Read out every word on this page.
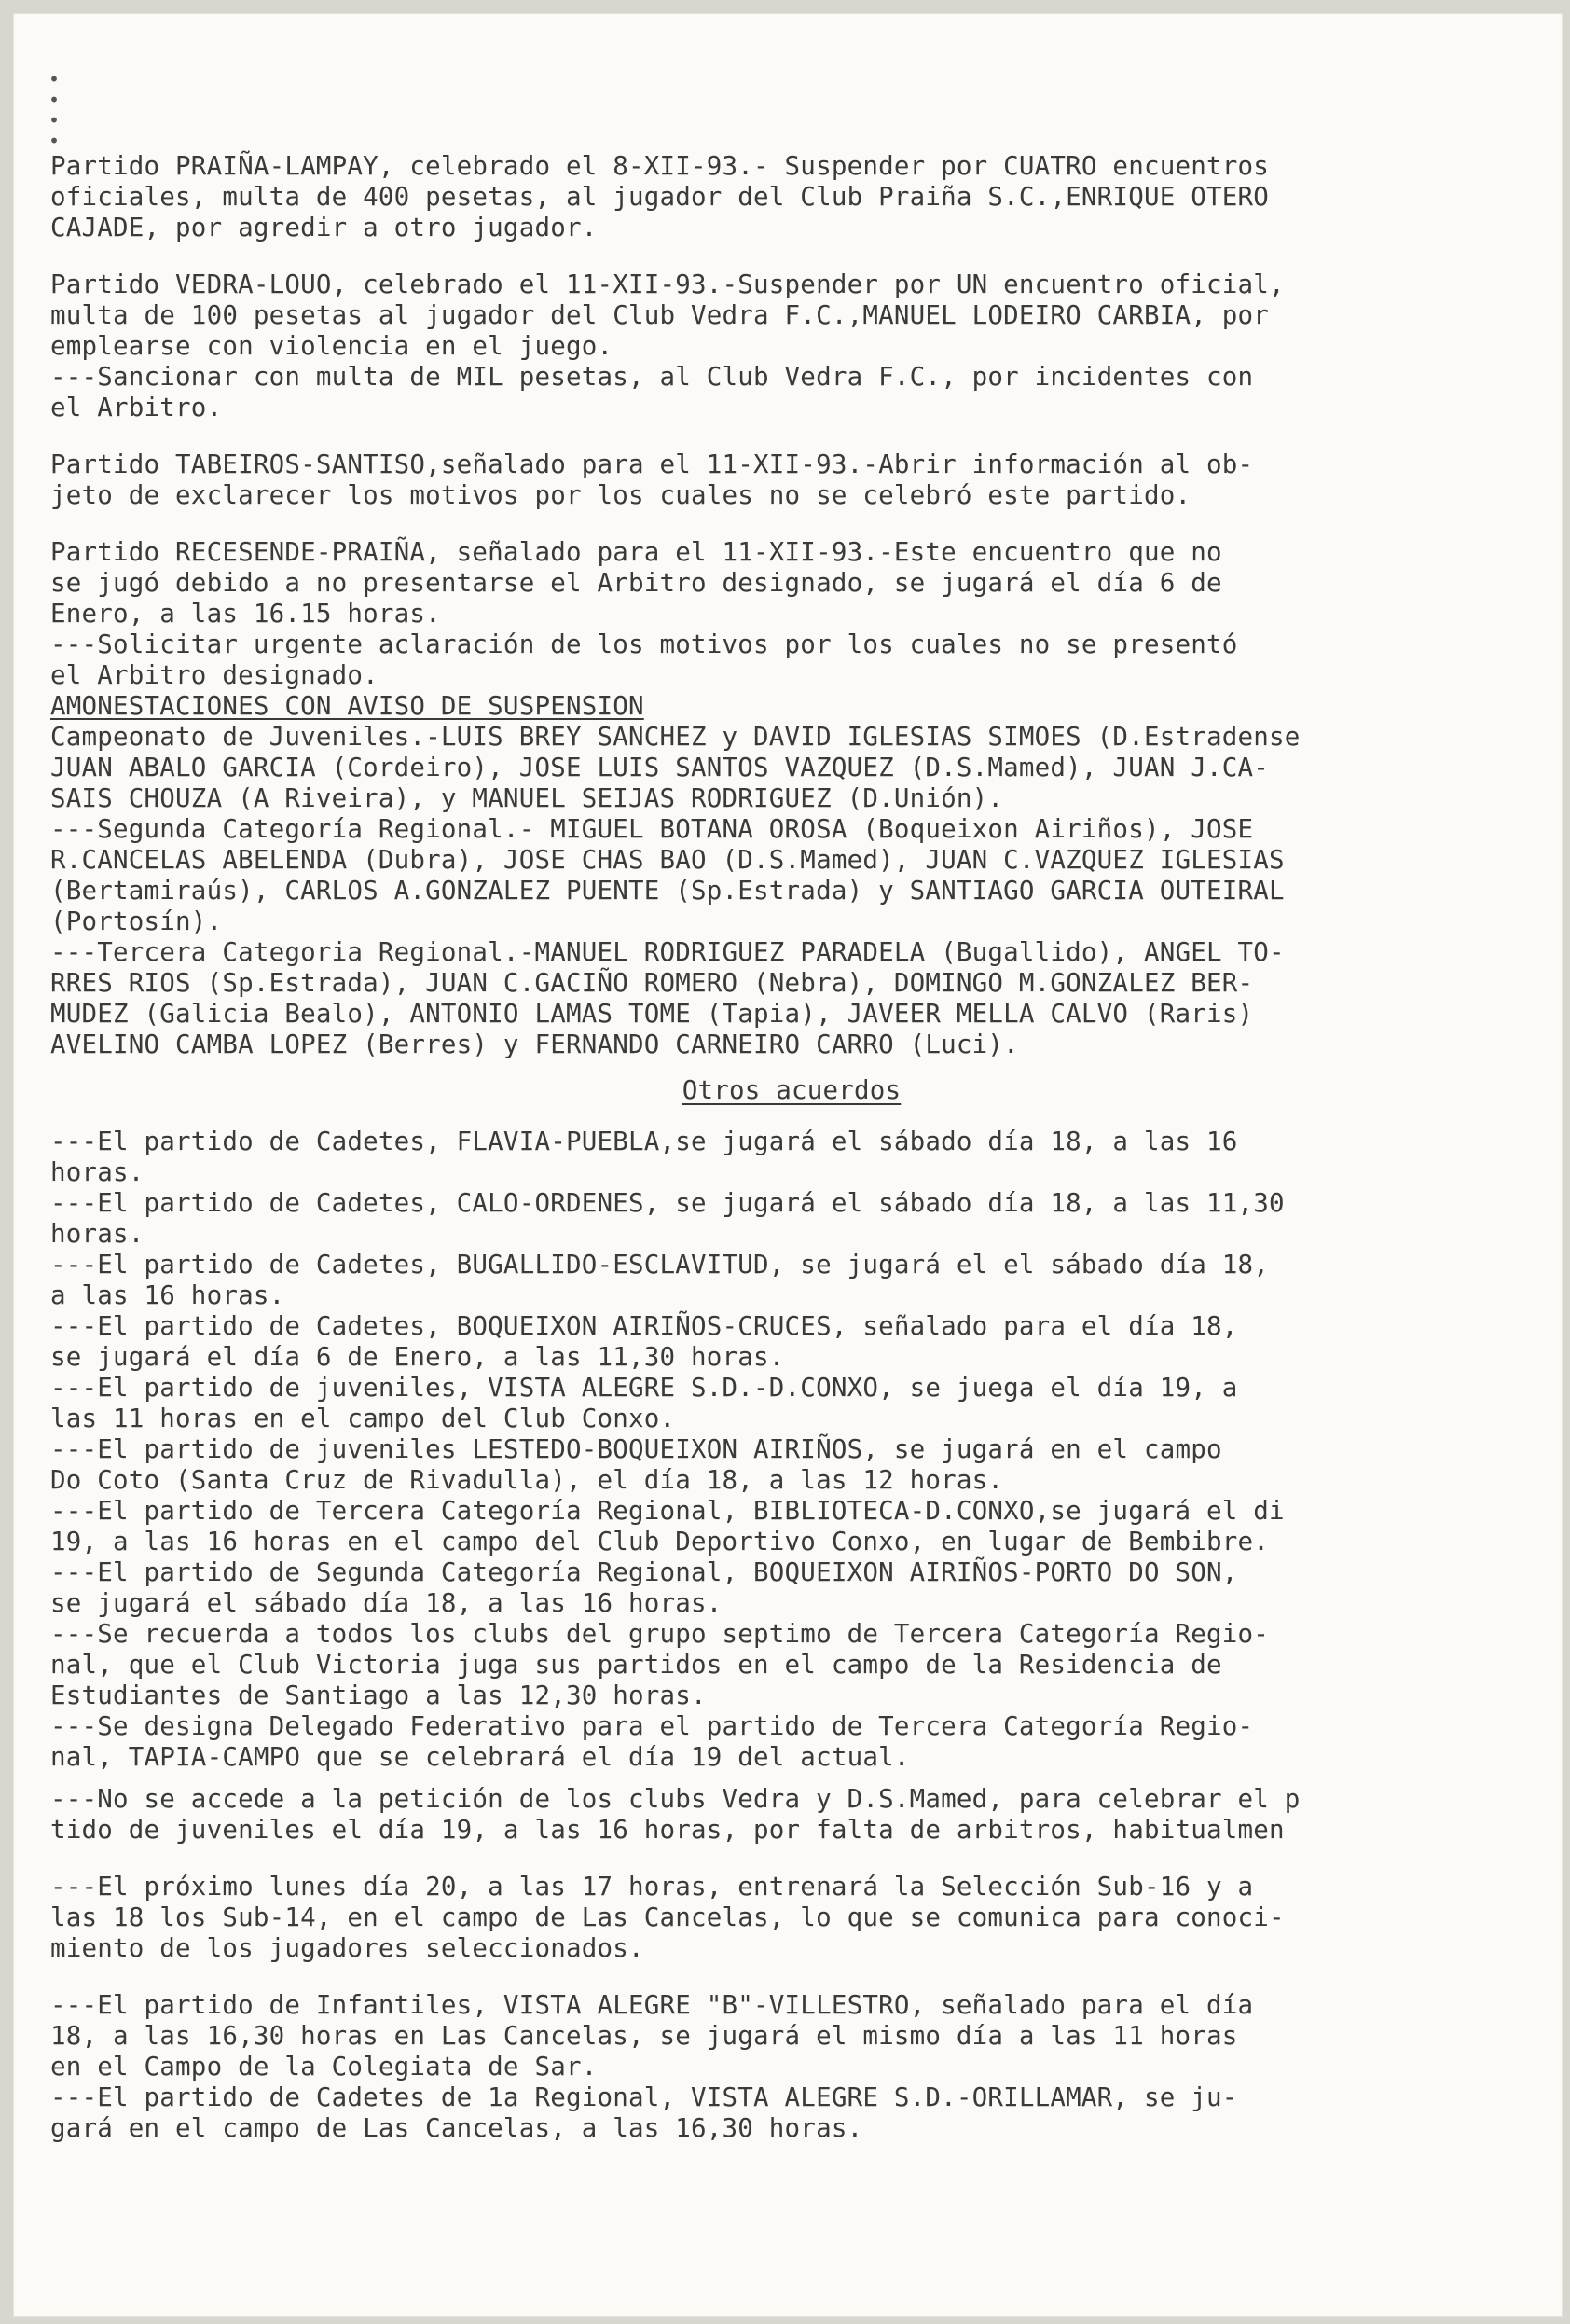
•
•
•
•
Partido PRAIÑA-LAMPAY, celebrado el 8-XII-93.- Suspender por CUATRO encuentros
oficiales, multa de 400 pesetas, al jugador del Club Praiña S.C.,ENRIQUE OTERO
CAJADE, por agredir a otro jugador.
Partido VEDRA-LOUO, celebrado el 11-XII-93.-Suspender por UN encuentro oficial,
multa de 100 pesetas al jugador del Club Vedra F.C.,MANUEL LODEIRO CARBIA, por
emplearse con violencia en el juego.
---Sancionar con multa de MIL pesetas, al Club Vedra F.C., por incidentes con
el Arbitro.
Partido TABEIROS-SANTISO,señalado para el 11-XII-93.-Abrir información al ob-
jeto de exclarecer los motivos por los cuales no se celebró este partido.
Partido RECESENDE-PRAIÑA, señalado para el 11-XII-93.-Este encuentro que no
se jugó debido a no presentarse el Arbitro designado, se jugará el día 6 de
Enero, a las 16.15 horas.
---Solicitar urgente aclaración de los motivos por los cuales no se presentó
el Arbitro designado.
AMONESTACIONES CON AVISO DE SUSPENSION
Campeonato de Juveniles.-LUIS BREY SANCHEZ y DAVID IGLESIAS SIMOES (D.Estradense
JUAN ABALO GARCIA (Cordeiro), JOSE LUIS SANTOS VAZQUEZ (D.S.Mamed), JUAN J.CA-
SAIS CHOUZA (A Riveira), y MANUEL SEIJAS RODRIGUEZ (D.Unión).
---Segunda Categoría Regional.- MIGUEL BOTANA OROSA (Boqueixon Airiños), JOSE
R.CANCELAS ABELENDA (Dubra), JOSE CHAS BAO (D.S.Mamed), JUAN C.VAZQUEZ IGLESIAS
(Bertamiraús), CARLOS A.GONZALEZ PUENTE (Sp.Estrada) y SANTIAGO GARCIA OUTEIRAL
(Portosín).
---Tercera Categoria Regional.-MANUEL RODRIGUEZ PARADELA (Bugallido), ANGEL TO-
RRES RIOS (Sp.Estrada), JUAN C.GACIÑO ROMERO (Nebra), DOMINGO M.GONZALEZ BER-
MUDEZ (Galicia Bealo), ANTONIO LAMAS TOME (Tapia), JAVEER MELLA CALVO (Raris)
AVELINO CAMBA LOPEZ (Berres) y FERNANDO CARNEIRO CARRO (Luci).
Otros acuerdos
---El partido de Cadetes, FLAVIA-PUEBLA,se jugará el sábado día 18, a las 16
horas.
---El partido de Cadetes, CALO-ORDENES, se jugará el sábado día 18, a las 11,30
horas.
---El partido de Cadetes, BUGALLIDO-ESCLAVITUD, se jugará el el sábado día 18,
a las 16 horas.
---El partido de Cadetes, BOQUEIXON AIRIÑOS-CRUCES, señalado para el día 18,
se jugará el día 6 de Enero, a las 11,30 horas.
---El partido de juveniles, VISTA ALEGRE S.D.-D.CONXO, se juega el día 19, a
las 11 horas en el campo del Club Conxo.
---El partido de juveniles LESTEDO-BOQUEIXON AIRIÑOS, se jugará en el campo
Do Coto (Santa Cruz de Rivadulla), el día 18, a las 12 horas.
---El partido de Tercera Categoría Regional, BIBLIOTECA-D.CONXO,se jugará el di
19, a las 16 horas en el campo del Club Deportivo Conxo, en lugar de Bembibre.
---El partido de Segunda Categoría Regional, BOQUEIXON AIRIÑOS-PORTO DO SON,
se jugará el sábado día 18, a las 16 horas.
---Se recuerda a todos los clubs del grupo septimo de Tercera Categoría Regio-
nal, que el Club Victoria juga sus partidos en el campo de la Residencia de
Estudiantes de Santiago a las 12,30 horas.
---Se designa Delegado Federativo para el partido de Tercera Categoría Regio-
nal, TAPIA-CAMPO que se celebrará el día 19 del actual.
---No se accede a la petición de los clubs Vedra y D.S.Mamed, para celebrar el p
tido de juveniles el día 19, a las 16 horas, por falta de arbitros, habitualmen
---El próximo lunes día 20, a las 17 horas, entrenará la Selección Sub-16 y a
las 18 los Sub-14, en el campo de Las Cancelas, lo que se comunica para conoci-
miento de los jugadores seleccionados.
---El partido de Infantiles, VISTA ALEGRE "B"-VILLESTRO, señalado para el día
18, a las 16,30 horas en Las Cancelas, se jugará el mismo día a las 11 horas
en el Campo de la Colegiata de Sar.
---El partido de Cadetes de 1a Regional, VISTA ALEGRE S.D.-ORILLAMAR, se ju-
gará en el campo de Las Cancelas, a las 16,30 horas.
